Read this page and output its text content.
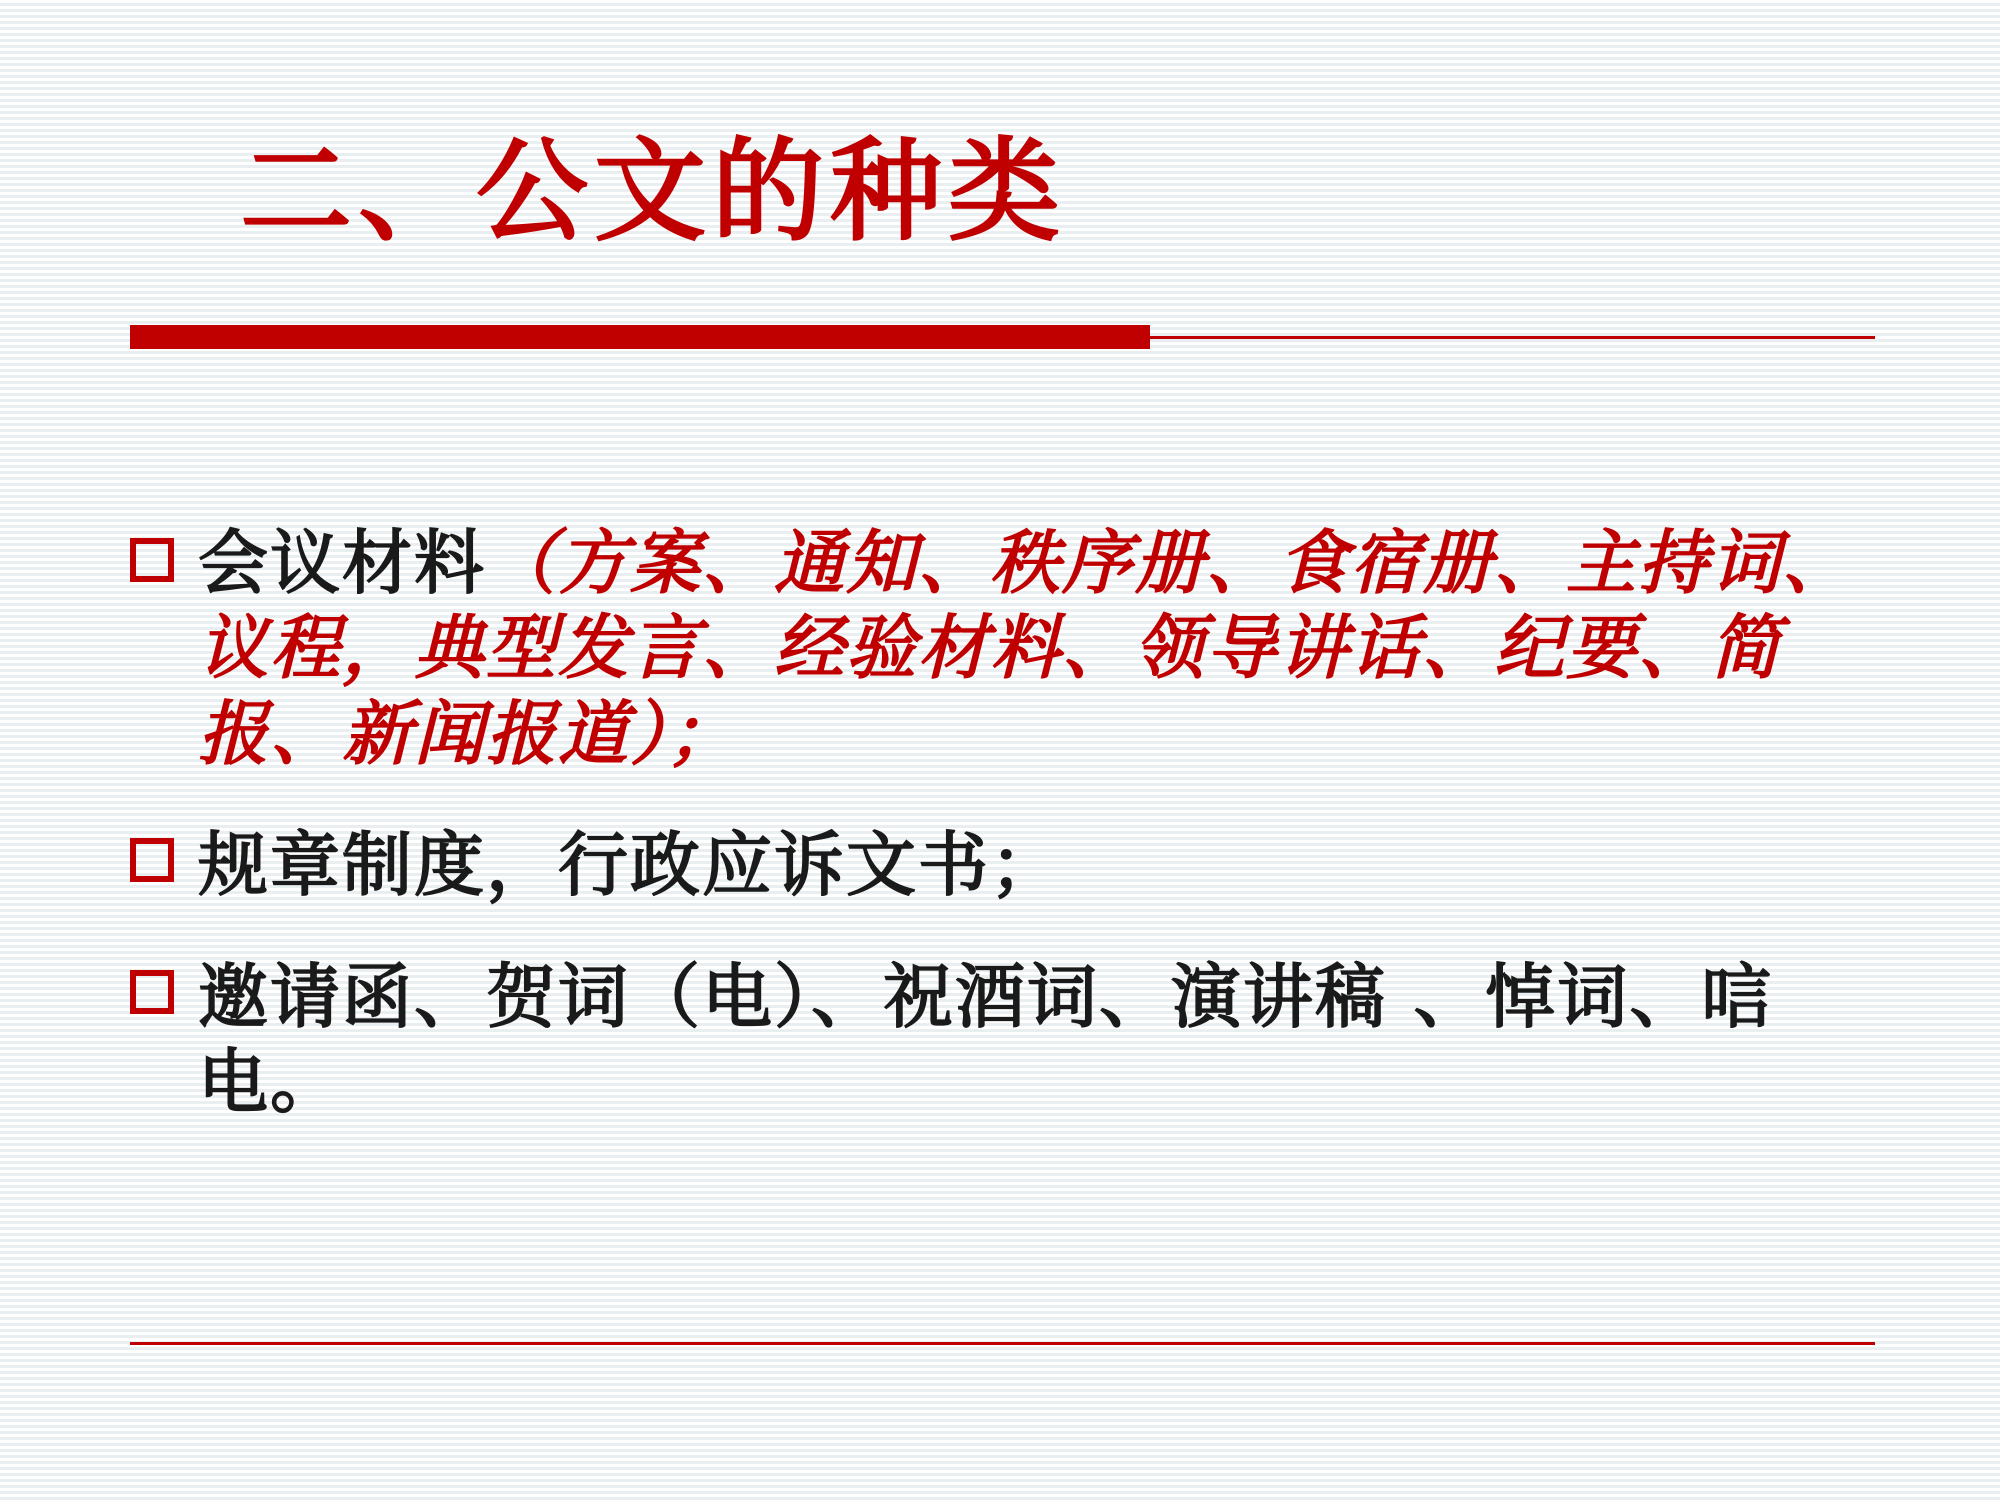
二、公文的种类
会议材料（方案、通知、秩序册、食宿册、主持词、议程，典型发言、经验材料、领导讲话、纪要、简报、新闻报道）；
规章制度，行政应诉文书；
邀请函、贺词（电）、祝酒词、演讲稿 、悼词、唁电。
